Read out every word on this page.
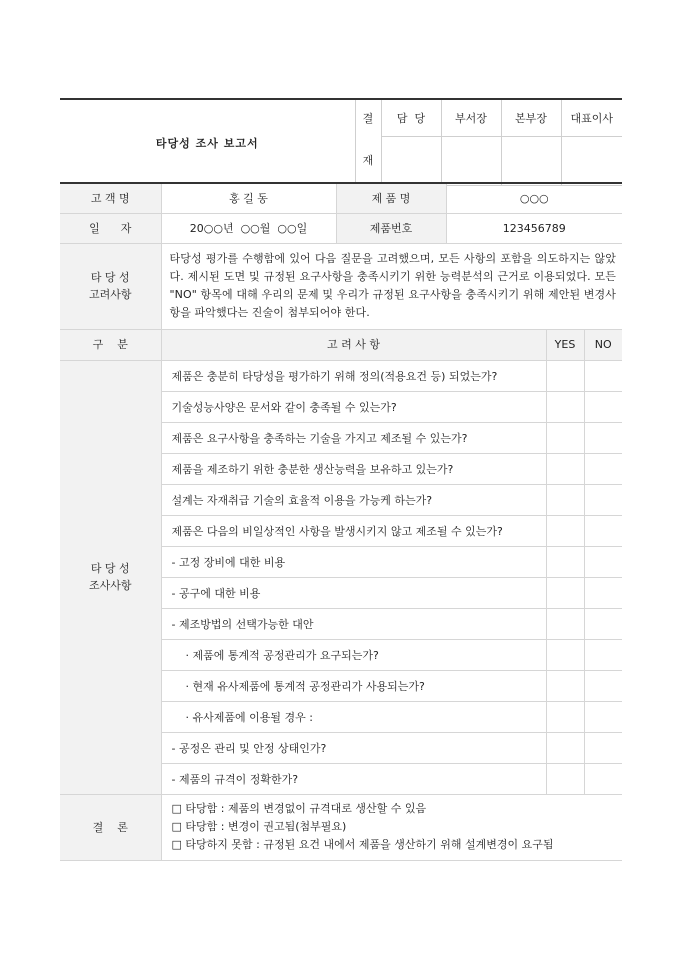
타당성 조사 보고서	결	담  당	부서장	본부장	대표이사
	재				
고 객 명	홍 길 동	제 품 명	○○○		
일      자	20○○년  ○○월  ○○일	제품번호	123456789		

타 당 성
고려사항	타당성 평가를 수행함에 있어 다음 질문을 고려했으며, 모든 사항의 포함을 의도하지는 않았다. 제시된 도면 및 규정된 요구사항을 충족시키기 위한 능력분석의 근거로 이용되었다. 모든 "NO" 항목에 대해 우리의 문제 및 우리가 규정된 요구사항을 충족시키기 위해 제안된 변경사항을 파악했다는 진술이 첨부되어야 한다.				
구    분	고 려 사 항			YES	NO

타 당 성
조사사항	제품은 충분히 타당성을 평가하기 위해 정의(적용요건 등) 되었는가?				
	기술성능사양은 문서와 같이 충족될 수 있는가?				
	제품은 요구사항을 충족하는 기술을 가지고 제조될 수 있는가?				
	제품을 제조하기 위한 충분한 생산능력을 보유하고 있는가?				
	설계는 자재취급 기술의 효율적 이용을 가능케 하는가?				
	제품은 다음의 비일상적인 사항을 발생시키지 않고 제조될 수 있는가?				
	- 고정 장비에 대한 비용				
	- 공구에 대한 비용				
	- 제조방법의 선택가능한 대안				
	· 제품에 통계적 공정관리가 요구되는가?				
	· 현재 유사제품에 통계적 공정관리가 사용되는가?				
	· 유사제품에 이용될 경우 :				
	- 공정은 관리 및 안정 상태인가?				
	- 제품의 규격이 정확한가?				
결    론	□ 타당함 : 제품의 변경없이 규격대로 생산할 수 있음
□ 타당함 : 변경이 권고됨(첨부필요)
□ 타당하지 못함 : 규정된 요건 내에서 제품을 생산하기 위해 설계변경이 요구됨				
